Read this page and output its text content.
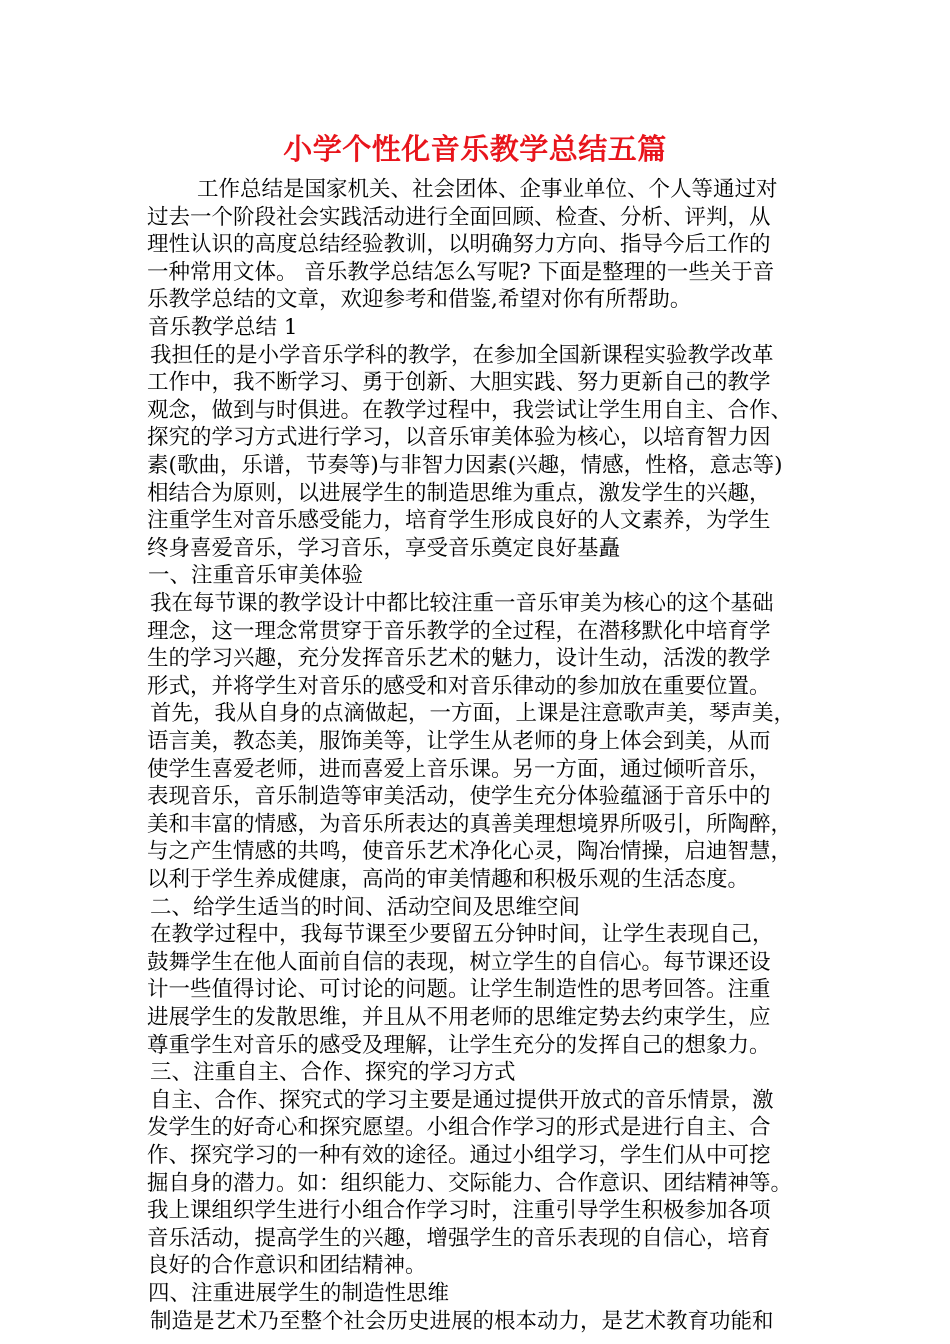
小学个性化音乐教学总结五篇
工作总结是国家机关、社会团体、企事业单位、个人等通过对
过去一个阶段社会实践活动进行全面回顾、检查、分析、评判，从
理性认识的高度总结经验教训，以明确努力方向、指导今后工作的
一种常用文体。 音乐教学总结怎么写呢? 下面是整理的一些关于音
乐教学总结的文章，欢迎参考和借鉴,希望对你有所帮助。
音乐教学总结 1
我担任的是小学音乐学科的教学，在参加全国新课程实验教学改革
工作中，我不断学习、勇于创新、大胆实践、努力更新自己的教学
观念，做到与时俱进。在教学过程中，我尝试让学生用自主、合作、
探究的学习方式进行学习，以音乐审美体验为核心，以培育智力因
素(歌曲，乐谱，节奏等)与非智力因素(兴趣，情感，性格，意志等)
相结合为原则，以进展学生的制造思维为重点，激发学生的兴趣，
注重学生对音乐感受能力，培育学生形成良好的人文素养，为学生
终身喜爱音乐，学习音乐，享受音乐奠定良好基矗
一、注重音乐审美体验
我在每节课的教学设计中都比较注重一音乐审美为核心的这个基础
理念，这一理念常贯穿于音乐教学的全过程，在潜移默化中培育学
生的学习兴趣，充分发挥音乐艺术的魅力，设计生动，活泼的教学
形式，并将学生对音乐的感受和对音乐律动的参加放在重要位置。
首先，我从自身的点滴做起，一方面，上课是注意歌声美，琴声美，
语言美，教态美，服饰美等，让学生从老师的身上体会到美，从而
使学生喜爱老师，进而喜爱上音乐课。另一方面，通过倾听音乐，
表现音乐，音乐制造等审美活动，使学生充分体验蕴涵于音乐中的
美和丰富的情感，为音乐所表达的真善美理想境界所吸引，所陶醉，
与之产生情感的共鸣，使音乐艺术净化心灵，陶冶情操，启迪智慧，
以利于学生养成健康，高尚的审美情趣和积极乐观的生活态度。
二、给学生适当的时间、活动空间及思维空间
在教学过程中，我每节课至少要留五分钟时间，让学生表现自己，
鼓舞学生在他人面前自信的表现，树立学生的自信心。每节课还设
计一些值得讨论、可讨论的问题。让学生制造性的思考回答。注重
进展学生的发散思维，并且从不用老师的思维定势去约束学生，应
尊重学生对音乐的感受及理解，让学生充分的发挥自己的想象力。
三、注重自主、合作、探究的学习方式
自主、合作、探究式的学习主要是通过提供开放式的音乐情景，激
发学生的好奇心和探究愿望。小组合作学习的形式是进行自主、合
作、探究学习的一种有效的途径。通过小组学习，学生们从中可挖
掘自身的潜力。如：组织能力、交际能力、合作意识、团结精神等。
我上课组织学生进行小组合作学习时，注重引导学生积极参加各项
音乐活动，提高学生的兴趣，增强学生的音乐表现的自信心，培育
良好的合作意识和团结精神。
四、注重进展学生的制造性思维
制造是艺术乃至整个社会历史进展的根本动力，是艺术教育功能和
